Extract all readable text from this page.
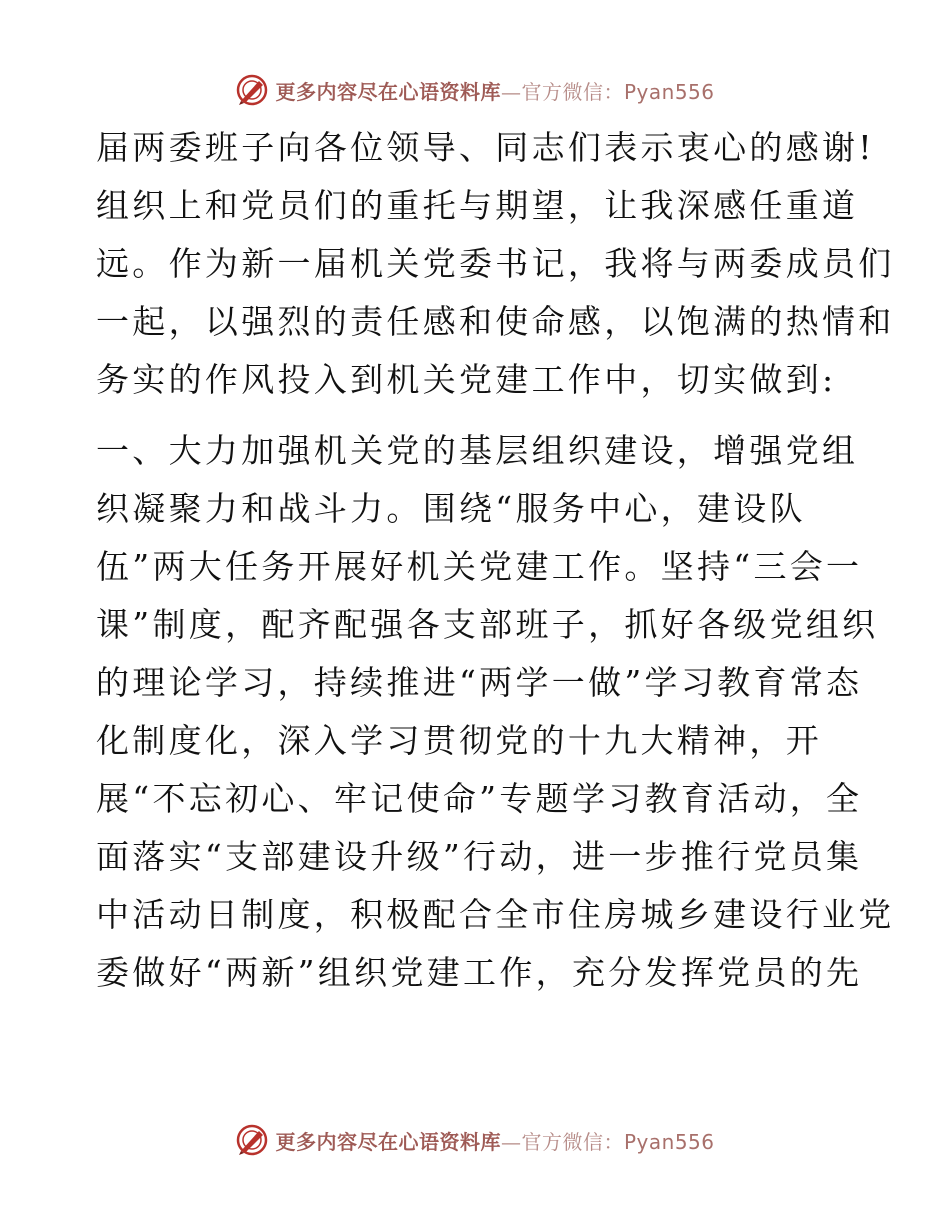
更多内容尽在心语资料库—官方微信：Pyan556
届两委班子向各位领导、同志们表示衷心的感谢!
组织上和党员们的重托与期望，让我深感任重道
远。作为新一届机关党委书记，我将与两委成员们
一起，以强烈的责任感和使命感，以饱满的热情和
务实的作风投入到机关党建工作中，切实做到:
一、大力加强机关党的基层组织建设，增强党组
织凝聚力和战斗力。围绕“服务中心，建设队
伍”两大任务开展好机关党建工作。坚持“三会一
课”制度，配齐配强各支部班子，抓好各级党组织
的理论学习，持续推进“两学一做”学习教育常态
化制度化，深入学习贯彻党的十九大精神，开
展“不忘初心、牢记使命”专题学习教育活动，全
面落实“支部建设升级”行动，进一步推行党员集
中活动日制度，积极配合全市住房城乡建设行业党
委做好“两新”组织党建工作，充分发挥党员的先
更多内容尽在心语资料库—官方微信：Pyan556
